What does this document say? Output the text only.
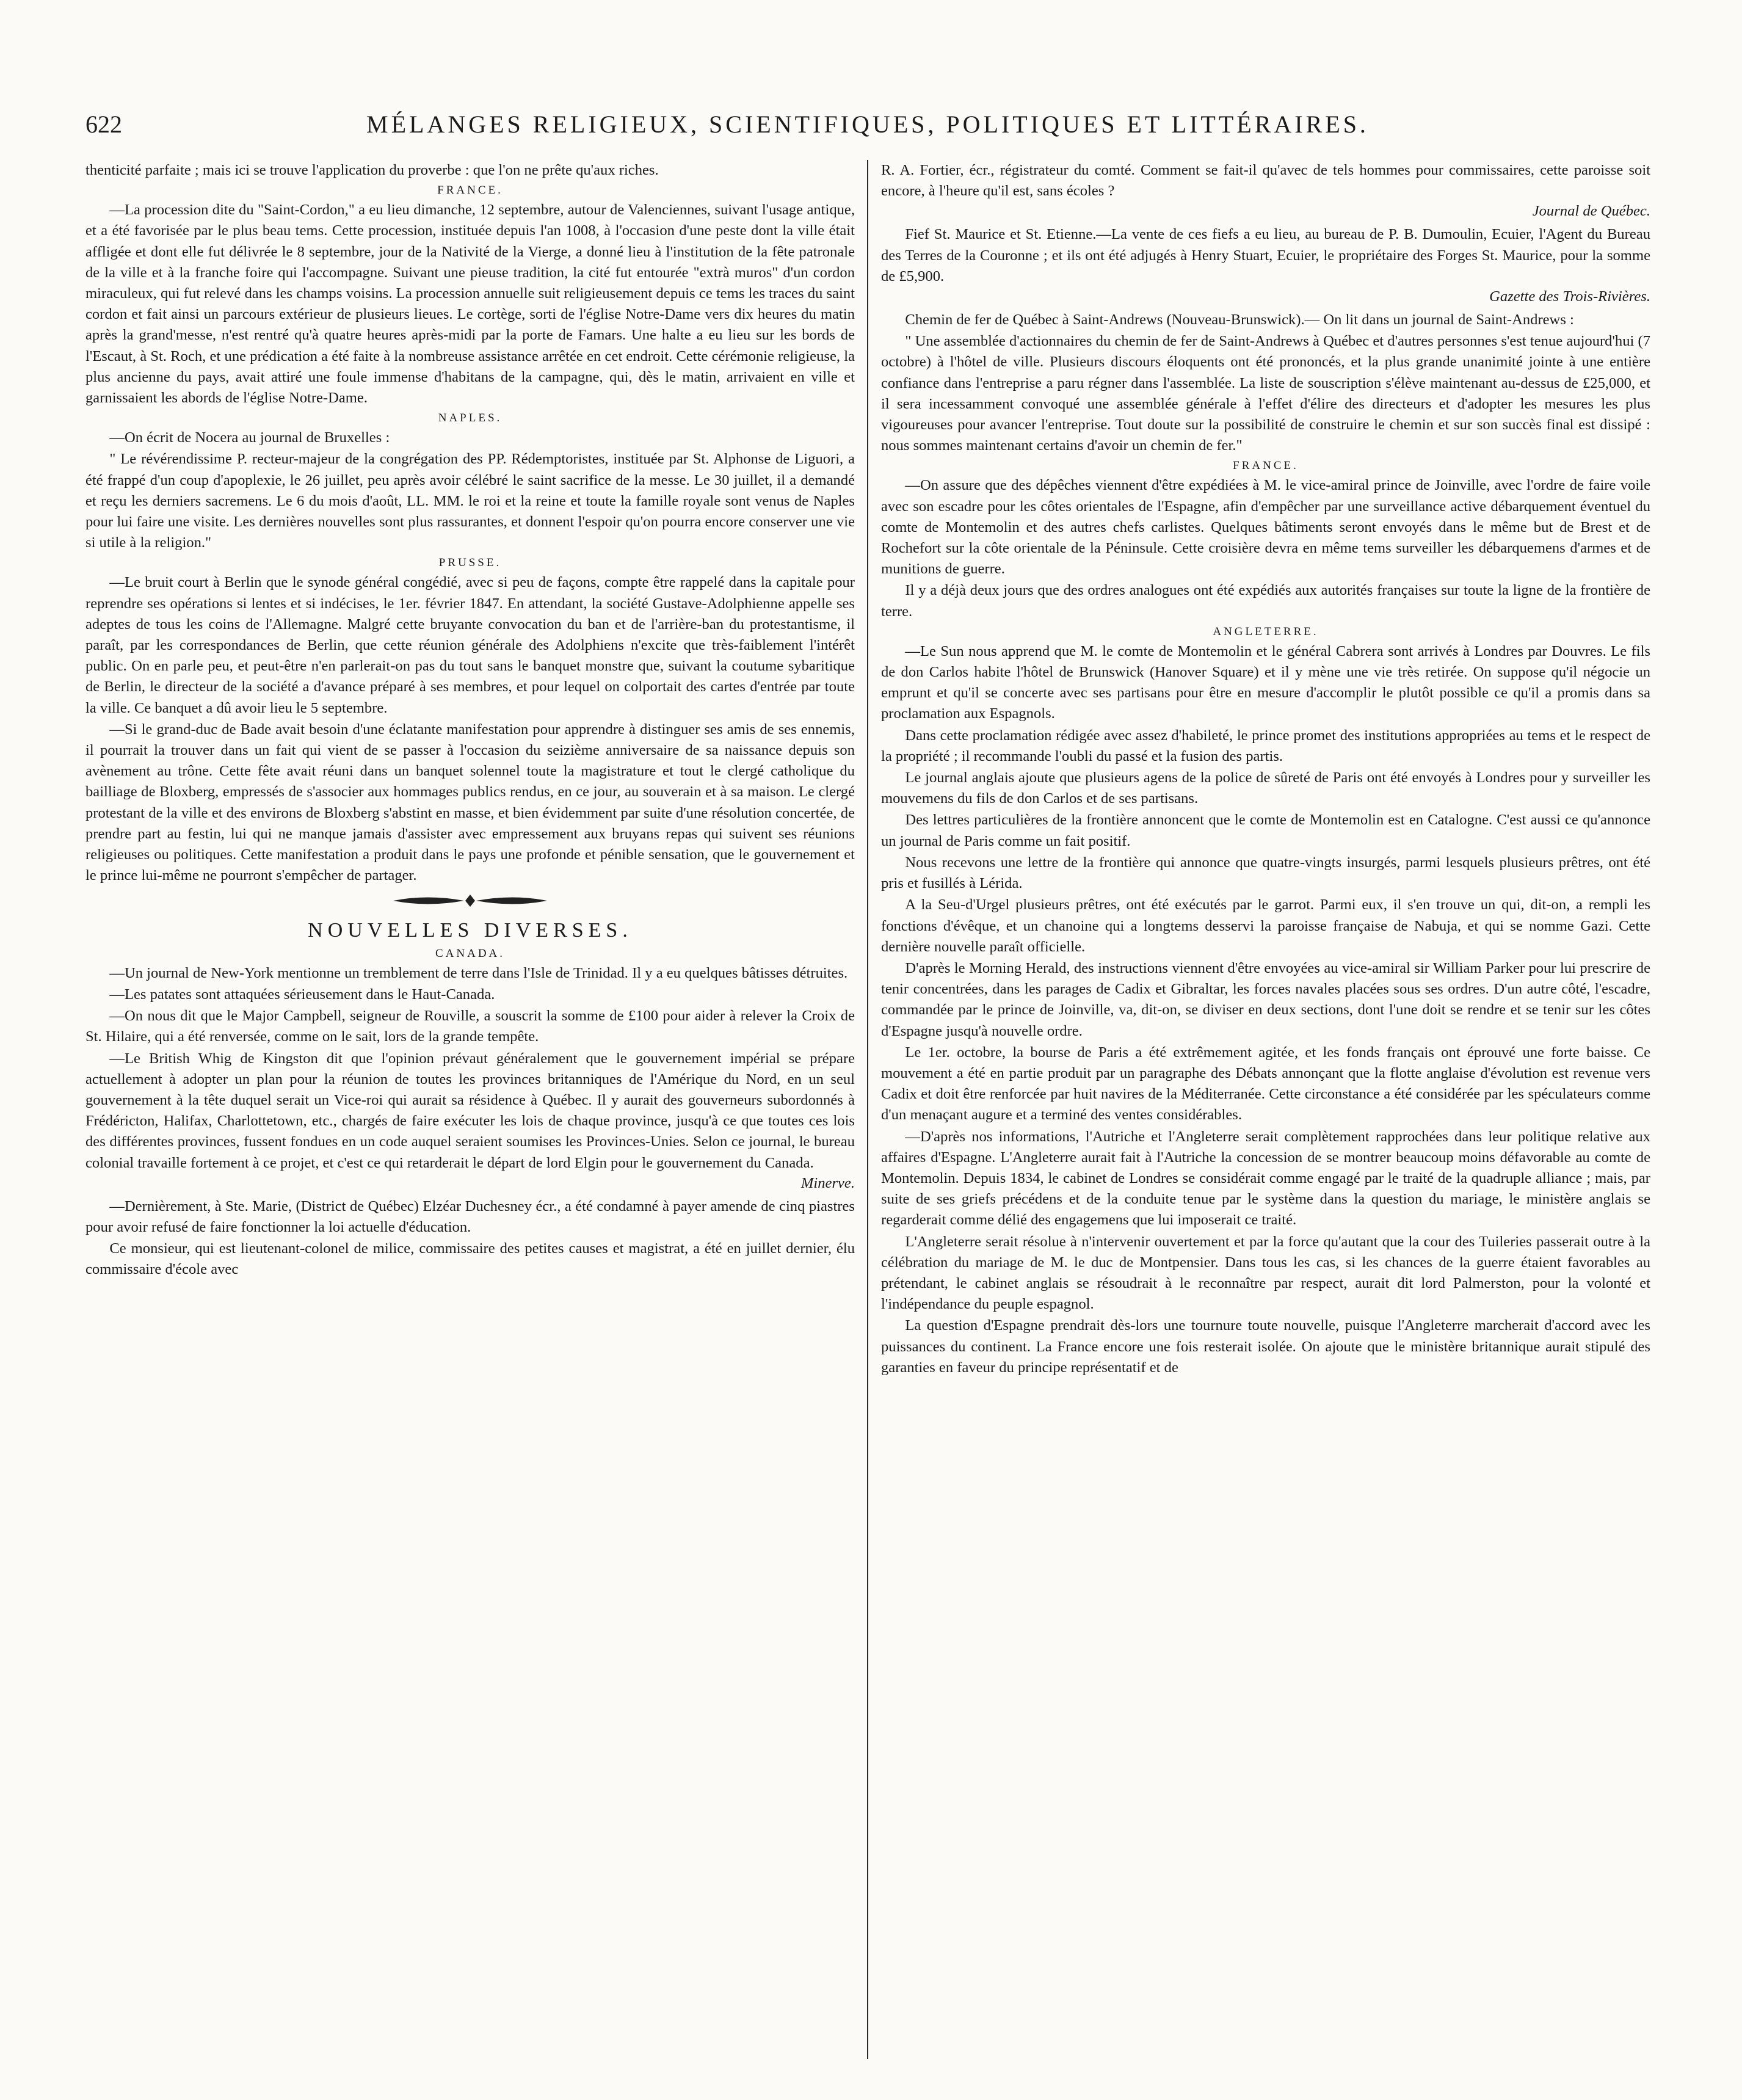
622	MÉLANGES RELIGIEUX, SCIENTIFIQUES, POLITIQUES ET LITTÉRAIRES.

thenticité parfaite ; mais ici se trouve l'application du proverbe : que l'on ne prête qu'aux riches.

FRANCE.

—La procession dite du "Saint-Cordon," a eu lieu dimanche, 12 septembre, autour de Valenciennes, suivant l'usage antique, et a été favorisée par le plus beau tems. Cette procession, instituée depuis l'an 1008, à l'occasion d'une peste dont la ville était affligée et dont elle fut délivrée le 8 septembre, jour de la Nativité de la Vierge, a donné lieu à l'institution de la fête patronale de la ville et à la franche foire qui l'accompagne. Suivant une pieuse tradition, la cité fut entourée "extrà muros" d'un cordon miraculeux, qui fut relevé dans les champs voisins. La procession annuelle suit religieusement depuis ce tems les traces du saint cordon et fait ainsi un parcours extérieur de plusieurs lieues. Le cortège, sorti de l'église Notre-Dame vers dix heures du matin après la grand'messe, n'est rentré qu'à quatre heures après-midi par la porte de Famars. Une halte a eu lieu sur les bords de l'Escaut, à St. Roch, et une prédication a été faite à la nombreuse assistance arrêtée en cet endroit. Cette cérémonie religieuse, la plus ancienne du pays, avait attiré une foule immense d'habitans de la campagne, qui, dès le matin, arrivaient en ville et garnissaient les abords de l'église Notre-Dame.

NAPLES.

—On écrit de Nocera au journal de Bruxelles :

" Le révérendissime P. recteur-majeur de la congrégation des PP. Rédemptoristes, instituée par St. Alphonse de Liguori, a été frappé d'un coup d'apoplexie, le 26 juillet, peu après avoir célébré le saint sacrifice de la messe. Le 30 juillet, il a demandé et reçu les derniers sacremens. Le 6 du mois d'août, LL. MM. le roi et la reine et toute la famille royale sont venus de Naples pour lui faire une visite. Les dernières nouvelles sont plus rassurantes, et donnent l'espoir qu'on pourra encore conserver une vie si utile à la religion."

PRUSSE.

—Le bruit court à Berlin que le synode général congédié, avec si peu de façons, compte être rappelé dans la capitale pour reprendre ses opérations si lentes et si indécises, le 1er. février 1847. En attendant, la société Gustave-Adolphienne appelle ses adeptes de tous les coins de l'Allemagne. Malgré cette bruyante convocation du ban et de l'arrière-ban du protestantisme, il paraît, par les correspondances de Berlin, que cette réunion générale des Adolphiens n'excite que très-faiblement l'intérêt public. On en parle peu, et peut-être n'en parlerait-on pas du tout sans le banquet monstre que, suivant la coutume sybaritique de Berlin, le directeur de la société a d'avance préparé à ses membres, et pour lequel on colportait des cartes d'entrée par toute la ville. Ce banquet a dû avoir lieu le 5 septembre.

—Si le grand-duc de Bade avait besoin d'une éclatante manifestation pour apprendre à distinguer ses amis de ses ennemis, il pourrait la trouver dans un fait qui vient de se passer à l'occasion du seizième anniversaire de sa naissance depuis son avènement au trône. Cette fête avait réuni dans un banquet solennel toute la magistrature et tout le clergé catholique du bailliage de Bloxberg, empressés de s'associer aux hommages publics rendus, en ce jour, au souverain et à sa maison. Le clergé protestant de la ville et des environs de Bloxberg s'abstint en masse, et bien évidemment par suite d'une résolution concertée, de prendre part au festin, lui qui ne manque jamais d'assister avec empressement aux bruyans repas qui suivent ses réunions religieuses ou politiques. Cette manifestation a produit dans le pays une profonde et pénible sensation, que le gouvernement et le prince lui-même ne pourront s'empêcher de partager.

NOUVELLES DIVERSES.
CANADA.

—Un journal de New-York mentionne un tremblement de terre dans l'Isle de Trinidad. Il y a eu quelques bâtisses détruites.

—Les patates sont attaquées sérieusement dans le Haut-Canada.

—On nous dit que le Major Campbell, seigneur de Rouville, a souscrit la somme de £100 pour aider à relever la Croix de St. Hilaire, qui a été renversée, comme on le sait, lors de la grande tempête.

—Le British Whig de Kingston dit que l'opinion prévaut généralement que le gouvernement impérial se prépare actuellement à adopter un plan pour la réunion de toutes les provinces britanniques de l'Amérique du Nord, en un seul gouvernement à la tête duquel serait un Vice-roi qui aurait sa résidence à Québec. Il y aurait des gouverneurs subordonnés à Frédéricton, Halifax, Charlottetown, etc., chargés de faire exécuter les lois de chaque province, jusqu'à ce que toutes ces lois des différentes provinces, fussent fondues en un code auquel seraient soumises les Provinces-Unies. Selon ce journal, le bureau colonial travaille fortement à ce projet, et c'est ce qui retarderait le départ de lord Elgin pour le gouvernement du Canada.

Minerve.

—Dernièrement, à Ste. Marie, (District de Québec) Elzéar Duchesney écr., a été condamné à payer amende de cinq piastres pour avoir refusé de faire fonctionner la loi actuelle d'éducation.

Ce monsieur, qui est lieutenant-colonel de milice, commissaire des petites causes et magistrat, a été en juillet dernier, élu commissaire d'école avec

R. A. Fortier, écr., régistrateur du comté. Comment se fait-il qu'avec de tels hommes pour commissaires, cette paroisse soit encore, à l'heure qu'il est, sans écoles ?

Journal de Québec.

Fief St. Maurice et St. Etienne.—La vente de ces fiefs a eu lieu, au bureau de P. B. Dumoulin, Ecuier, l'Agent du Bureau des Terres de la Couronne ; et ils ont été adjugés à Henry Stuart, Ecuier, le propriétaire des Forges St. Maurice, pour la somme de £5,900.

Gazette des Trois-Rivières.

Chemin de fer de Québec à Saint-Andrews (Nouveau-Brunswick).— On lit dans un journal de Saint-Andrews :

" Une assemblée d'actionnaires du chemin de fer de Saint-Andrews à Québec et d'autres personnes s'est tenue aujourd'hui (7 octobre) à l'hôtel de ville. Plusieurs discours éloquents ont été prononcés, et la plus grande unanimité jointe à une entière confiance dans l'entreprise a paru régner dans l'assemblée. La liste de souscription s'élève maintenant au-dessus de £25,000, et il sera incessamment convoqué une assemblée générale à l'effet d'élire des directeurs et d'adopter les mesures les plus vigoureuses pour avancer l'entreprise. Tout doute sur la possibilité de construire le chemin et sur son succès final est dissipé : nous sommes maintenant certains d'avoir un chemin de fer."

FRANCE.

—On assure que des dépêches viennent d'être expédiées à M. le vice-amiral prince de Joinville, avec l'ordre de faire voile avec son escadre pour les côtes orientales de l'Espagne, afin d'empêcher par une surveillance active débarquement éventuel du comte de Montemolin et des autres chefs carlistes. Quelques bâtiments seront envoyés dans le même but de Brest et de Rochefort sur la côte orientale de la Péninsule. Cette croisière devra en même tems surveiller les débarquemens d'armes et de munitions de guerre.

Il y a déjà deux jours que des ordres analogues ont été expédiés aux autorités françaises sur toute la ligne de la frontière de terre.

ANGLETERRE.

—Le Sun nous apprend que M. le comte de Montemolin et le général Cabrera sont arrivés à Londres par Douvres. Le fils de don Carlos habite l'hôtel de Brunswick (Hanover Square) et il y mène une vie très retirée. On suppose qu'il négocie un emprunt et qu'il se concerte avec ses partisans pour être en mesure d'accomplir le plutôt possible ce qu'il a promis dans sa proclamation aux Espagnols.

Dans cette proclamation rédigée avec assez d'habileté, le prince promet des institutions appropriées au tems et le respect de la propriété ; il recommande l'oubli du passé et la fusion des partis.

Le journal anglais ajoute que plusieurs agens de la police de sûreté de Paris ont été envoyés à Londres pour y surveiller les mouvemens du fils de don Carlos et de ses partisans.

Des lettres particulières de la frontière annoncent que le comte de Montemolin est en Catalogne. C'est aussi ce qu'annonce un journal de Paris comme un fait positif.

Nous recevons une lettre de la frontière qui annonce que quatre-vingts insurgés, parmi lesquels plusieurs prêtres, ont été pris et fusillés à Lérida.

A la Seu-d'Urgel plusieurs prêtres, ont été exécutés par le garrot. Parmi eux, il s'en trouve un qui, dit-on, a rempli les fonctions d'évêque, et un chanoine qui a longtems desservi la paroisse française de Nabuja, et qui se nomme Gazi. Cette dernière nouvelle paraît officielle.

D'après le Morning Herald, des instructions viennent d'être envoyées au vice-amiral sir William Parker pour lui prescrire de tenir concentrées, dans les parages de Cadix et Gibraltar, les forces navales placées sous ses ordres. D'un autre côté, l'escadre, commandée par le prince de Joinville, va, dit-on, se diviser en deux sections, dont l'une doit se rendre et se tenir sur les côtes d'Espagne jusqu'à nouvelle ordre.

Le 1er. octobre, la bourse de Paris a été extrêmement agitée, et les fonds français ont éprouvé une forte baisse. Ce mouvement a été en partie produit par un paragraphe des Débats annonçant que la flotte anglaise d'évolution est revenue vers Cadix et doit être renforcée par huit navires de la Méditerranée. Cette circonstance a été considérée par les spéculateurs comme d'un menaçant augure et a terminé des ventes considérables.

—D'après nos informations, l'Autriche et l'Angleterre serait complètement rapprochées dans leur politique relative aux affaires d'Espagne. L'Angleterre aurait fait à l'Autriche la concession de se montrer beaucoup moins défavorable au comte de Montemolin. Depuis 1834, le cabinet de Londres se considérait comme engagé par le traité de la quadruple alliance ; mais, par suite de ses griefs précédens et de la conduite tenue par le système dans la question du mariage, le ministère anglais se regarderait comme délié des engagemens que lui imposerait ce traité.

L'Angleterre serait résolue à n'intervenir ouvertement et par la force qu'autant que la cour des Tuileries passerait outre à la célébration du mariage de M. le duc de Montpensier. Dans tous les cas, si les chances de la guerre étaient favorables au prétendant, le cabinet anglais se résoudrait à le reconnaître par respect, aurait dit lord Palmerston, pour la volonté et l'indépendance du peuple espagnol.

La question d'Espagne prendrait dès-lors une tournure toute nouvelle, puisque l'Angleterre marcherait d'accord avec les puissances du continent. La France encore une fois resterait isolée. On ajoute que le ministère britannique aurait stipulé des garanties en faveur du principe représentatif et de
